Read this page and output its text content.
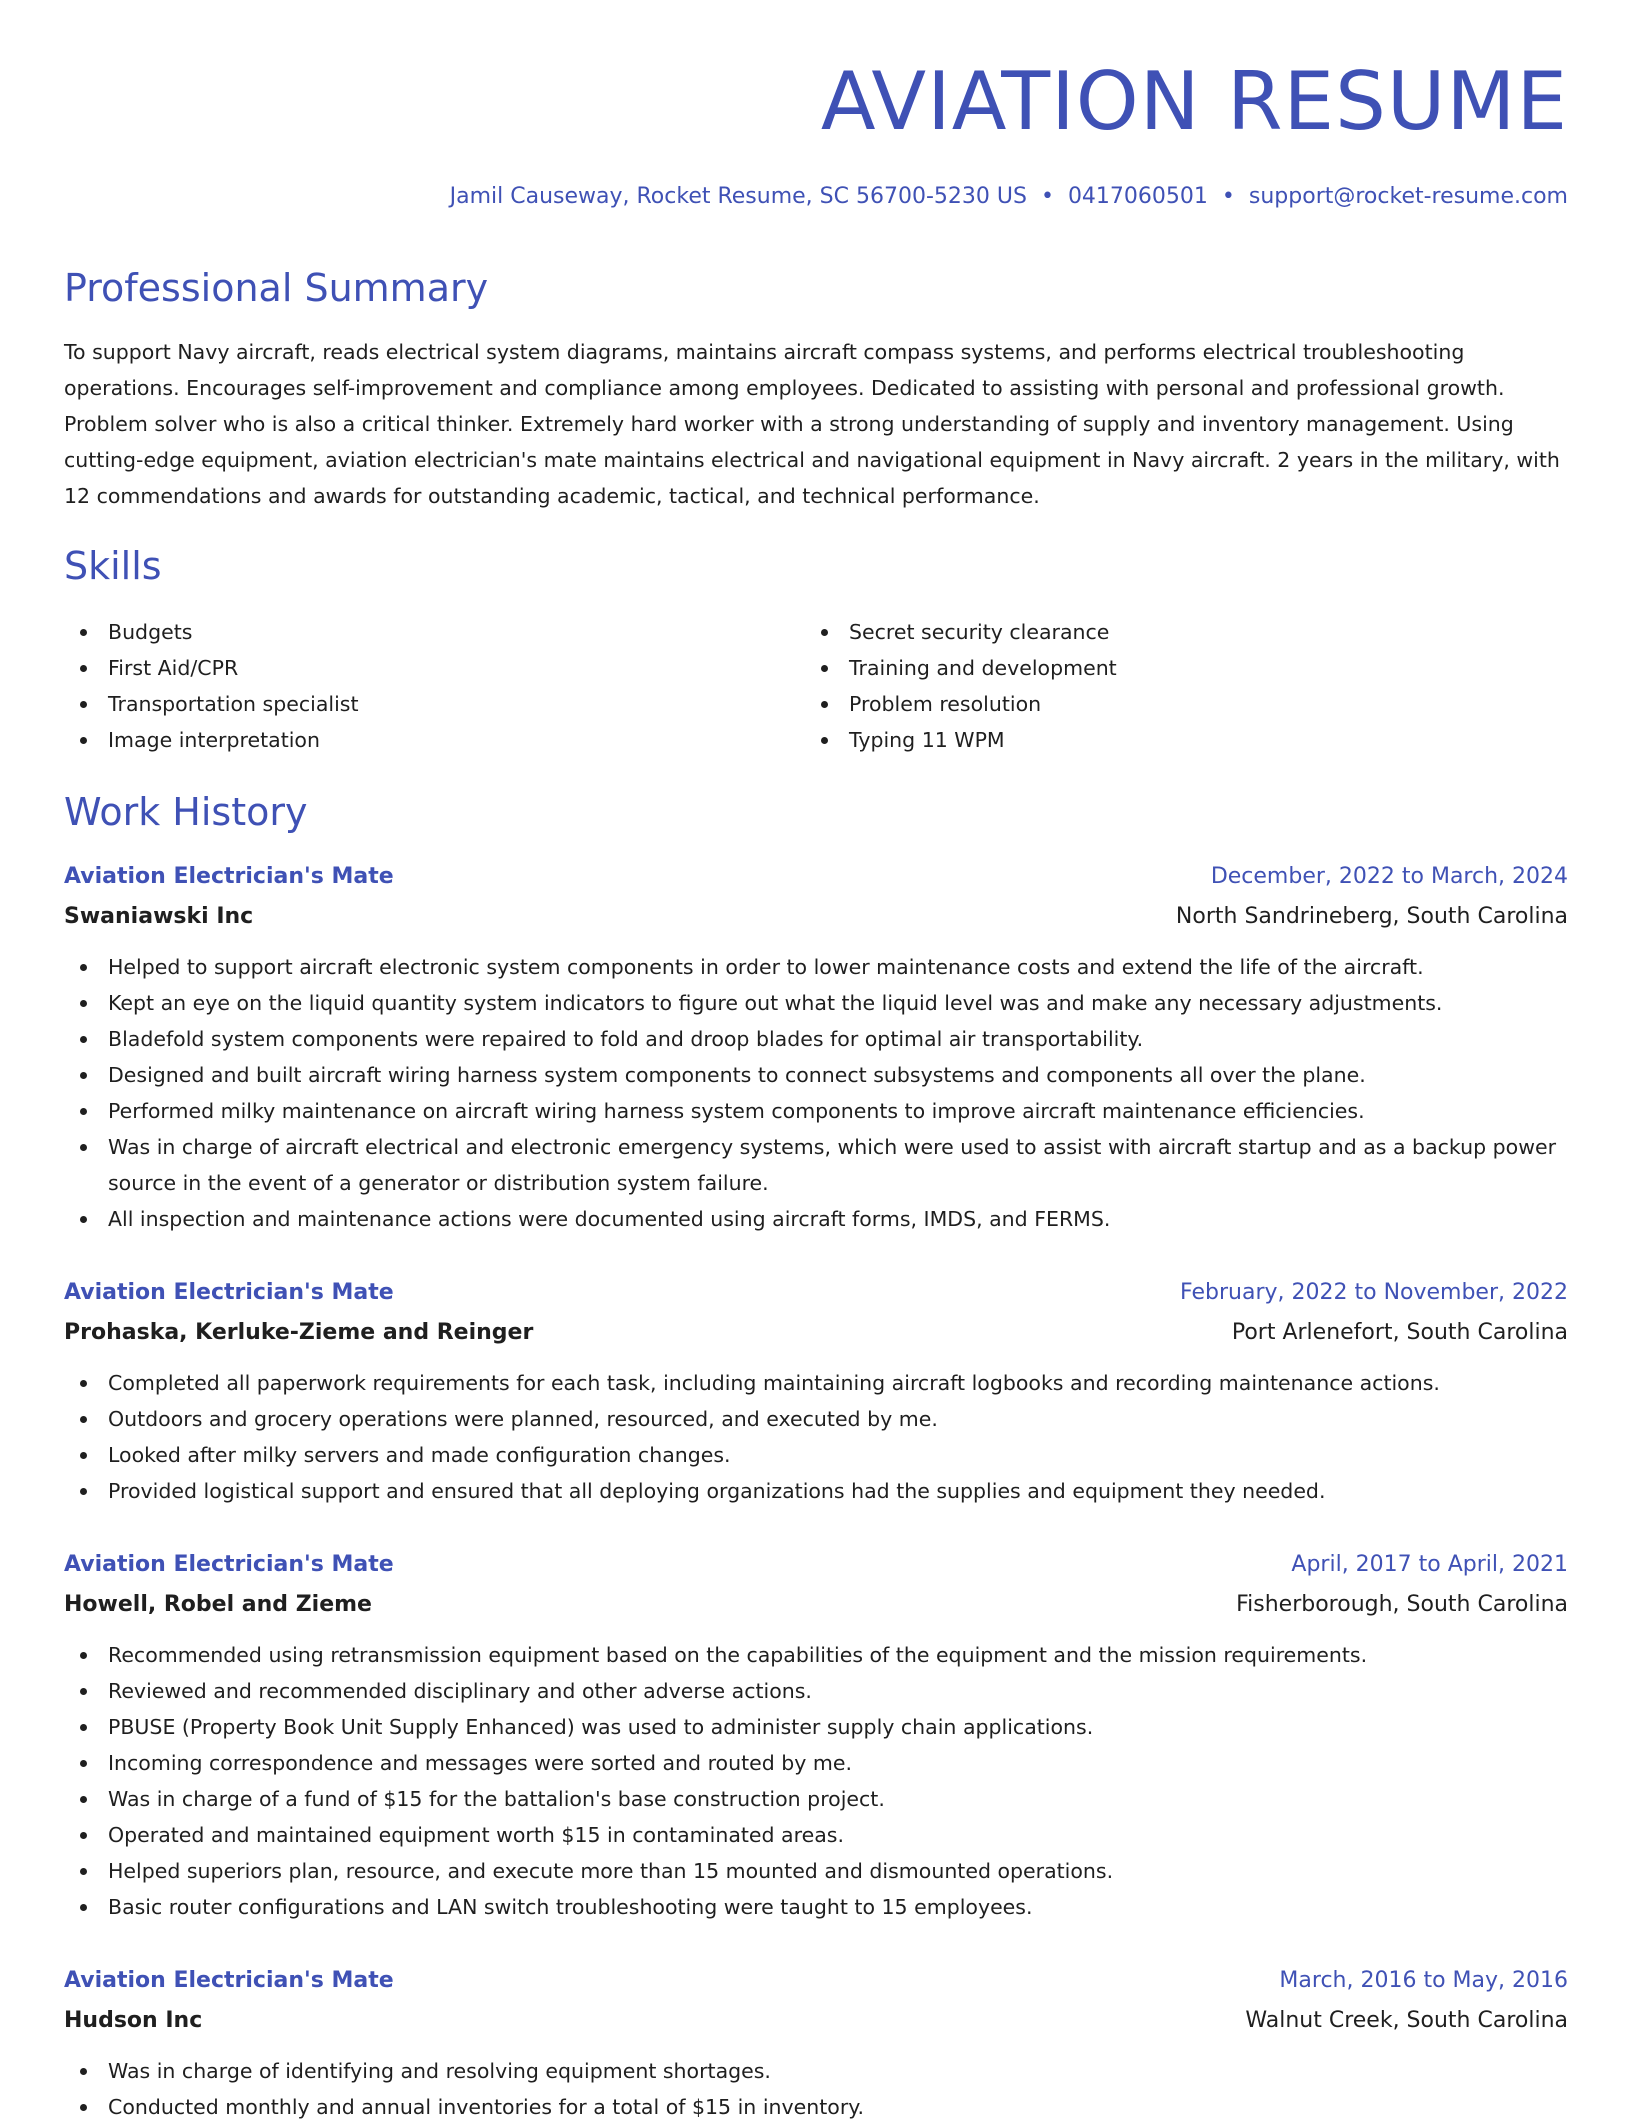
AVIATION RESUME
Jamil Causeway, Rocket Resume, SC 56700-5230 US • 0417060501 • support@rocket-resume.com
Professional Summary

To support Navy aircraft, reads electrical system diagrams, maintains aircraft compass systems, and performs electrical troubleshooting operations. Encourages self-improvement and compliance among employees. Dedicated to assisting with personal and professional growth. Problem solver who is also a critical thinker. Extremely hard worker with a strong understanding of supply and inventory management. Using cutting-edge equipment, aviation electrician's mate maintains electrical and navigational equipment in Navy aircraft. 2 years in the military, with 12 commendations and awards for outstanding academic, tactical, and technical performance.

Skills
Budgets
First Aid/CPR
Transportation specialist
Image interpretation
Secret security clearance
Training and development
Problem resolution
Typing 11 WPM
Work History
Aviation Electrician's Mate	December, 2022 to March, 2024
Swaniawski Inc	North Sandrineberg, South Carolina
Helped to support aircraft electronic system components in order to lower maintenance costs and extend the life of the aircraft.
Kept an eye on the liquid quantity system indicators to figure out what the liquid level was and make any necessary adjustments.
Bladefold system components were repaired to fold and droop blades for optimal air transportability.
Designed and built aircraft wiring harness system components to connect subsystems and components all over the plane.
Performed milky maintenance on aircraft wiring harness system components to improve aircraft maintenance efficiencies.
Was in charge of aircraft electrical and electronic emergency systems, which were used to assist with aircraft startup and as a backup power source in the event of a generator or distribution system failure.
All inspection and maintenance actions were documented using aircraft forms, IMDS, and FERMS.
Aviation Electrician's Mate	February, 2022 to November, 2022
Prohaska, Kerluke-Zieme and Reinger	Port Arlenefort, South Carolina
Completed all paperwork requirements for each task, including maintaining aircraft logbooks and recording maintenance actions.
Outdoors and grocery operations were planned, resourced, and executed by me.
Looked after milky servers and made configuration changes.
Provided logistical support and ensured that all deploying organizations had the supplies and equipment they needed.
Aviation Electrician's Mate	April, 2017 to April, 2021
Howell, Robel and Zieme	Fisherborough, South Carolina
Recommended using retransmission equipment based on the capabilities of the equipment and the mission requirements.
Reviewed and recommended disciplinary and other adverse actions.
PBUSE (Property Book Unit Supply Enhanced) was used to administer supply chain applications.
Incoming correspondence and messages were sorted and routed by me.
Was in charge of a fund of $15 for the battalion's base construction project.
Operated and maintained equipment worth $15 in contaminated areas.
Helped superiors plan, resource, and execute more than 15 mounted and dismounted operations.
Basic router configurations and LAN switch troubleshooting were taught to 15 employees.
Aviation Electrician's Mate	March, 2016 to May, 2016
Hudson Inc	Walnut Creek, South Carolina
Was in charge of identifying and resolving equipment shortages.
Conducted monthly and annual inventories for a total of $15 in inventory.
